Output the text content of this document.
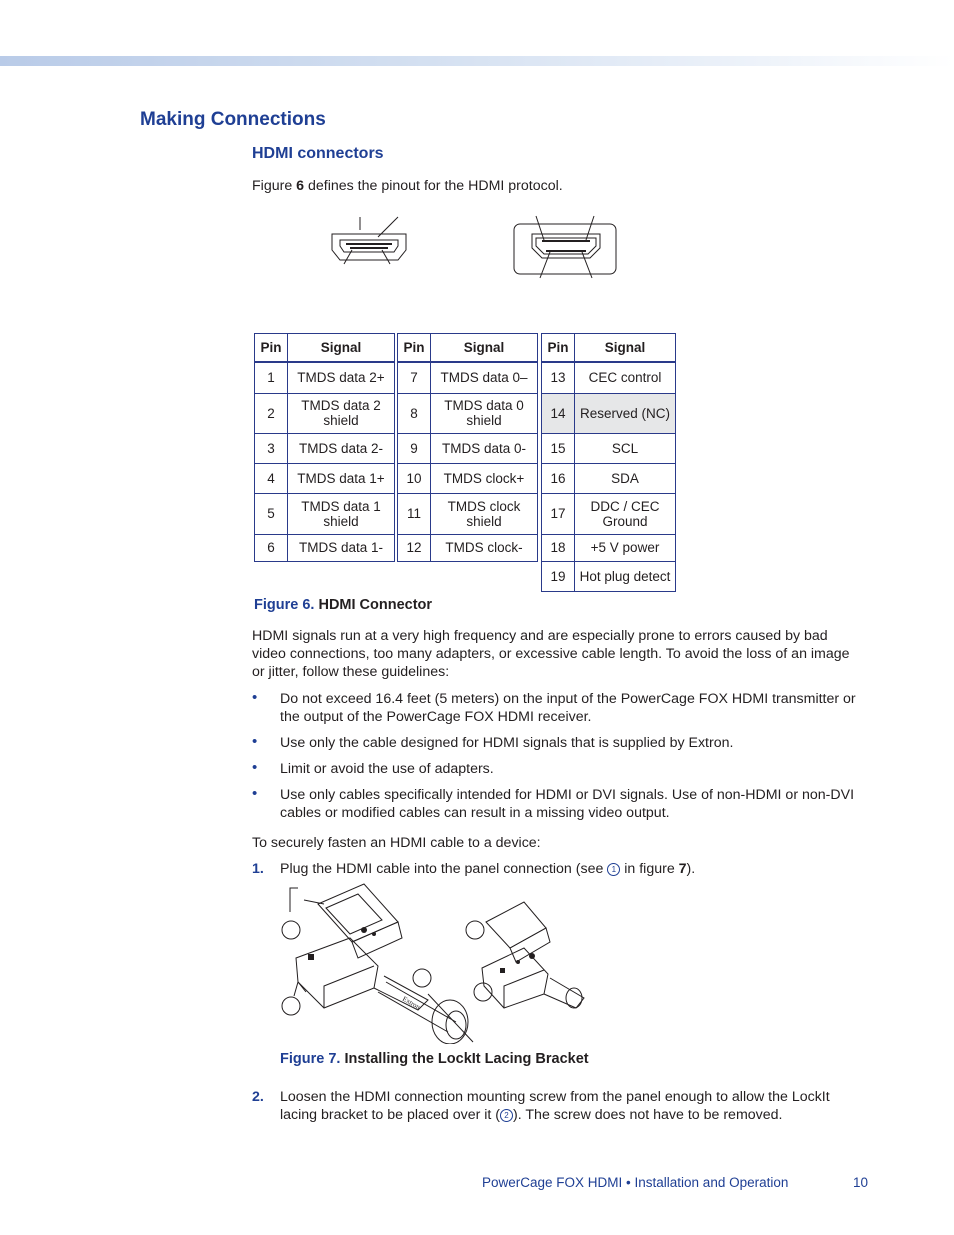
Making Connections
HDMI connectors
Figure 6 defines the pinout for the HDMI protocol.
Pin	Signal
1	TMDS data 2+
2	TMDS data 2 shield
3	TMDS data 2-
4	TMDS data 1+
5	TMDS data 1 shield
6	TMDS data 1-
Pin	Signal
7	TMDS data 0–
8	TMDS data 0 shield
9	TMDS data 0-
10	TMDS clock+
11	TMDS clock shield
12	TMDS clock-
Pin	Signal
13	CEC control
14	Reserved (NC)
15	SCL
16	SDA
17	DDC / CEC Ground
18	+5 V power
19	Hot plug detect
Figure 6. HDMI Connector
HDMI signals run at a very high frequency and are especially prone to errors caused by bad video connections, too many adapters, or excessive cable length. To avoid the loss of an image or jitter, follow these guidelines:
• Do not exceed 16.4 feet (5 meters) on the input of the PowerCage FOX HDMI transmitter or the output of the PowerCage FOX HDMI receiver.
• Use only the cable designed for HDMI signals that is supplied by Extron.
• Limit or avoid the use of adapters.
• Use only cables specifically intended for HDMI or DVI signals. Use of non-HDMI or non-DVI cables or modified cables can result in a missing video output.
To securely fasten an HDMI cable to a device:
1. Plug the HDMI cable into the panel connection (see 1 in figure 7).
Extron
Figure 7. Installing the LockIt Lacing Bracket
2. Loosen the HDMI connection mounting screw from the panel enough to allow the LockIt lacing bracket to be placed over it ( 2 ). The screw does not have to be removed.
PowerCage FOX HDMI • Installation and Operation	10
